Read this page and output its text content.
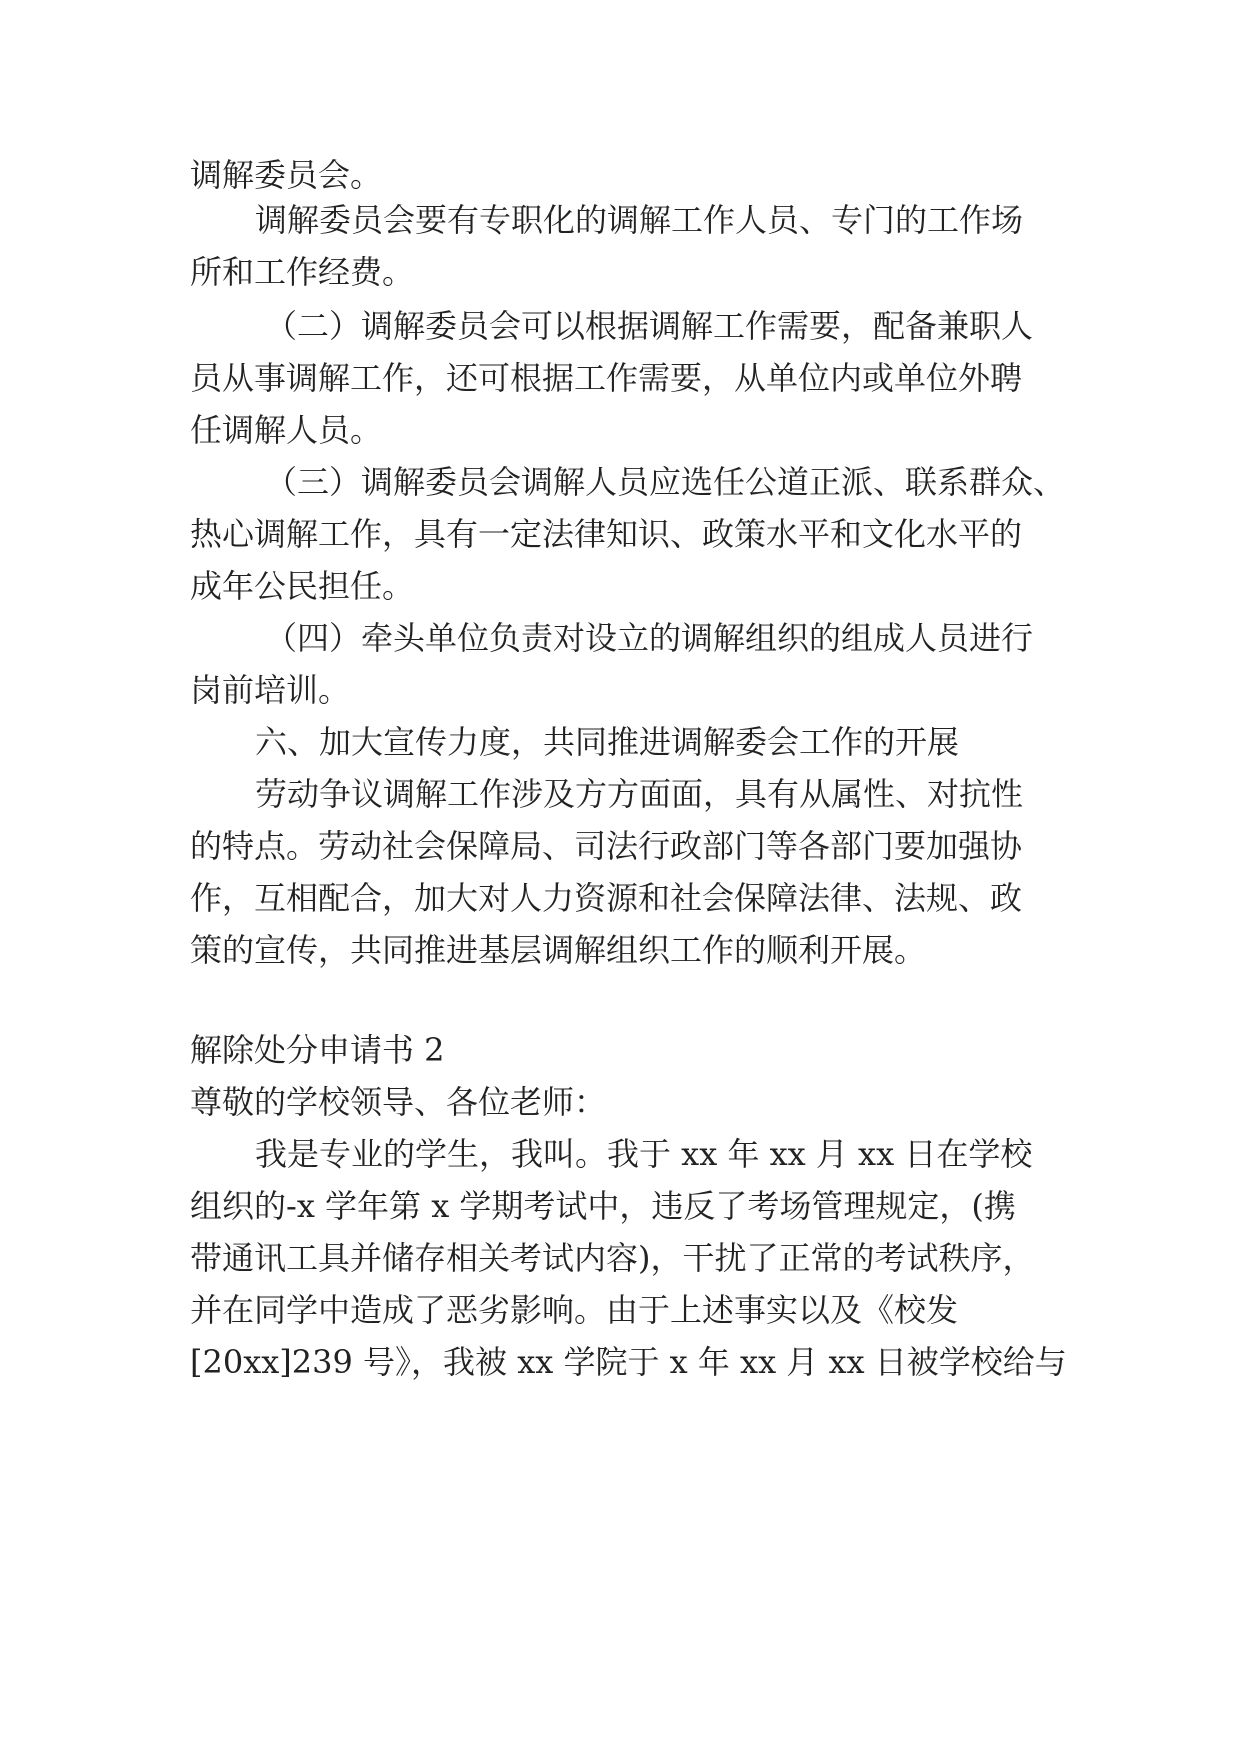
调解委员会。
调解委员会要有专职化的调解工作人员、专门的工作场
所和工作经费。
（二）调解委员会可以根据调解工作需要，配备兼职人
员从事调解工作，还可根据工作需要，从单位内或单位外聘
任调解人员。
（三）调解委员会调解人员应选任公道正派、联系群众、
热心调解工作，具有一定法律知识、政策水平和文化水平的
成年公民担任。
（四）牵头单位负责对设立的调解组织的组成人员进行
岗前培训。
六、加大宣传力度，共同推进调解委会工作的开展
劳动争议调解工作涉及方方面面，具有从属性、对抗性
的特点。劳动社会保障局、司法行政部门等各部门要加强协
作，互相配合，加大对人力资源和社会保障法律、法规、政
策的宣传，共同推进基层调解组织工作的顺利开展。
解除处分申请书 2
尊敬的学校领导、各位老师：
我是专业的学生，我叫。我于 xx 年 xx 月 xx 日在学校
组织的-x 学年第 x 学期考试中，违反了考场管理规定，(携
带通讯工具并储存相关考试内容)，干扰了正常的考试秩序，
并在同学中造成了恶劣影响。由于上述事实以及《校发
[20xx]239 号》，我被 xx 学院于 x 年 xx 月 xx 日被学校给与
